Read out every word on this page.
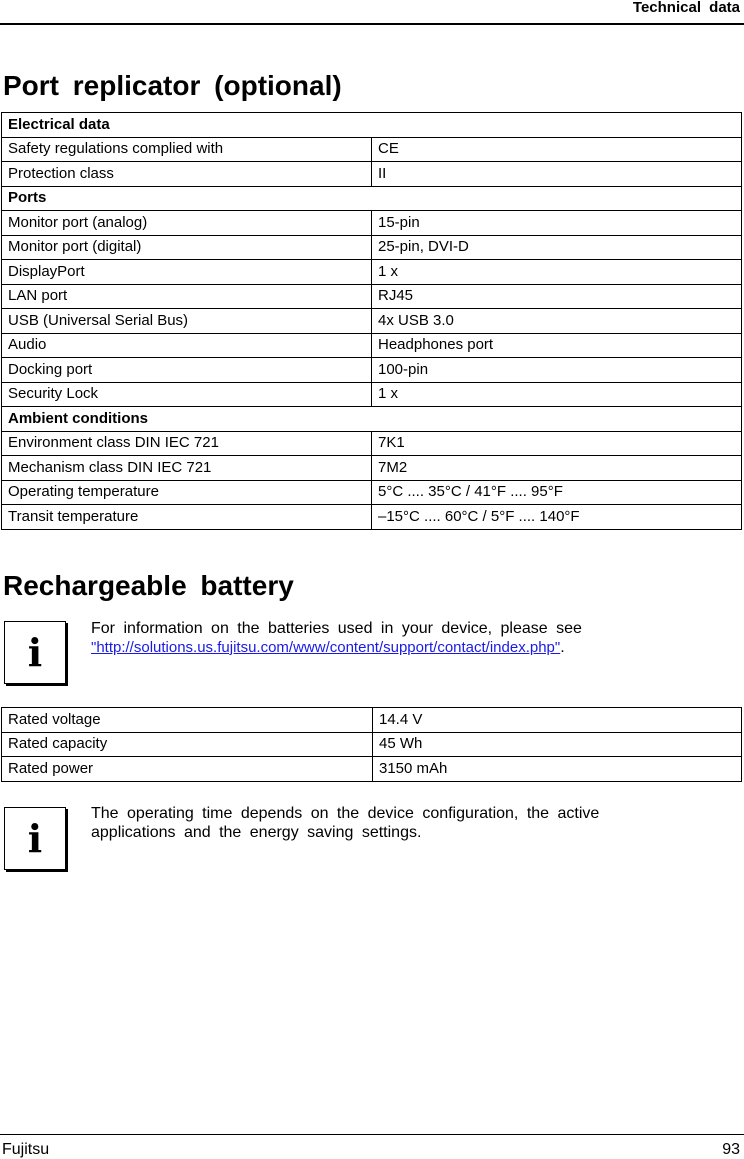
Technical data
Port replicator (optional)
Electrical data	
Safety regulations complied with	CE
Protection class	II
Ports	
Monitor port (analog)	15-pin
Monitor port (digital)	25-pin, DVI-D
DisplayPort	1 x
LAN port	RJ45
USB (Universal Serial Bus)	4x USB 3.0
Audio	Headphones port
Docking port	100-pin
Security Lock	1 x
Ambient conditions	
Environment class DIN IEC 721	7K1
Mechanism class DIN IEC 721	7M2
Operating temperature	5°C .... 35°C / 41°F .... 95°F
Transit temperature	–15°C .... 60°C / 5°F .... 140°F
Rechargeable battery
i
For information on the batteries used in your device, please see "http://solutions.us.fujitsu.com/www/content/support/contact/index.php".
Rated voltage	14.4 V
Rated capacity	45 Wh
Rated power	3150 mAh
i
The operating time depends on the device configuration, the active applications and the energy saving settings.
Fujitsu	93
